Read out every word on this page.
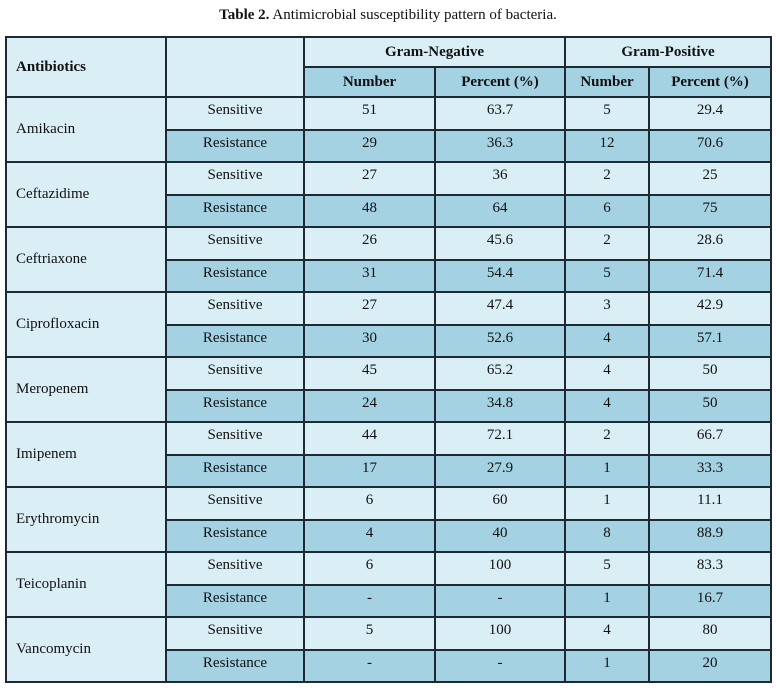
Table 2. Antimicrobial susceptibility pattern of bacteria.
Antibiotics		Gram-Negative		Gram-Positive	
		Number	Percent (%)	Number	Percent (%)
Amikacin	Sensitive	51	63.7	5	29.4
	Resistance	29	36.3	12	70.6
Ceftazidime	Sensitive	27	36	2	25
	Resistance	48	64	6	75
Ceftriaxone	Sensitive	26	45.6	2	28.6
	Resistance	31	54.4	5	71.4
Ciprofloxacin	Sensitive	27	47.4	3	42.9
	Resistance	30	52.6	4	57.1
Meropenem	Sensitive	45	65.2	4	50
	Resistance	24	34.8	4	50
Imipenem	Sensitive	44	72.1	2	66.7
	Resistance	17	27.9	1	33.3
Erythromycin	Sensitive	6	60	1	11.1
	Resistance	4	40	8	88.9
Teicoplanin	Sensitive	6	100	5	83.3
	Resistance	-	-	1	16.7
Vancomycin	Sensitive	5	100	4	80
	Resistance	-	-	1	20
